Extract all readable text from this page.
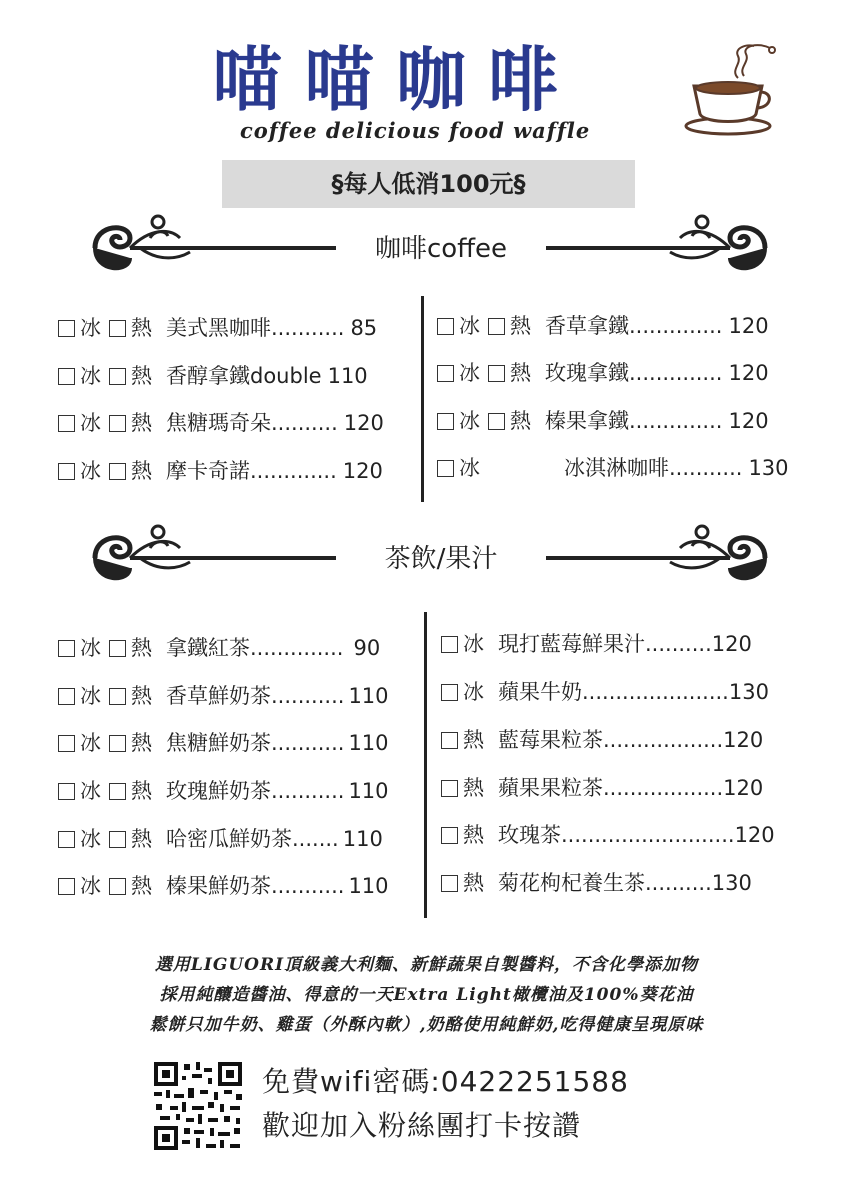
喵喵咖啡
coffee delicious food waffle
§每人低消100元§
咖啡coffee
冰 熱 美式黑咖啡 ........... 85
冰 熱 香醇拿鐵double 110
冰 熱 焦糖瑪奇朵 .......... 120
冰 熱 摩卡奇諾 ............. 120
冰 熱 香草拿鐵 .............. 120
冰 熱 玫瑰拿鐵 .............. 120
冰 熱 榛果拿鐵 .............. 120
冰	冰淇淋咖啡 ........... 130
茶飲/果汁
冰 熱 拿鐵紅茶 .............. 90
冰 熱 香草鮮奶茶 ........... 110
冰 熱 焦糖鮮奶茶 ........... 110
冰 熱 玫瑰鮮奶茶 ........... 110
冰 熱 哈密瓜鮮奶茶 ....... 110
冰 熱 榛果鮮奶茶 ........... 110
冰 現打藍莓鮮果汁 .......... 120
冰 蘋果牛奶 ...................... 130
熱 藍莓果粒茶 .................. 120
熱 蘋果果粒茶 .................. 120
熱 玫瑰茶 .......................... 120
熱 菊花枸杞養生茶 .......... 130
選用LIGUORI頂級義大利麵、新鮮蔬果自製醬料，不含化學添加物
採用純釀造醬油、得意的一天Extra Light橄欖油及100%葵花油
鬆餅只加牛奶、雞蛋（外酥內軟）,奶酪使用純鮮奶,吃得健康呈現原味
免費wifi密碼:0422251588
歡迎加入粉絲團打卡按讚
